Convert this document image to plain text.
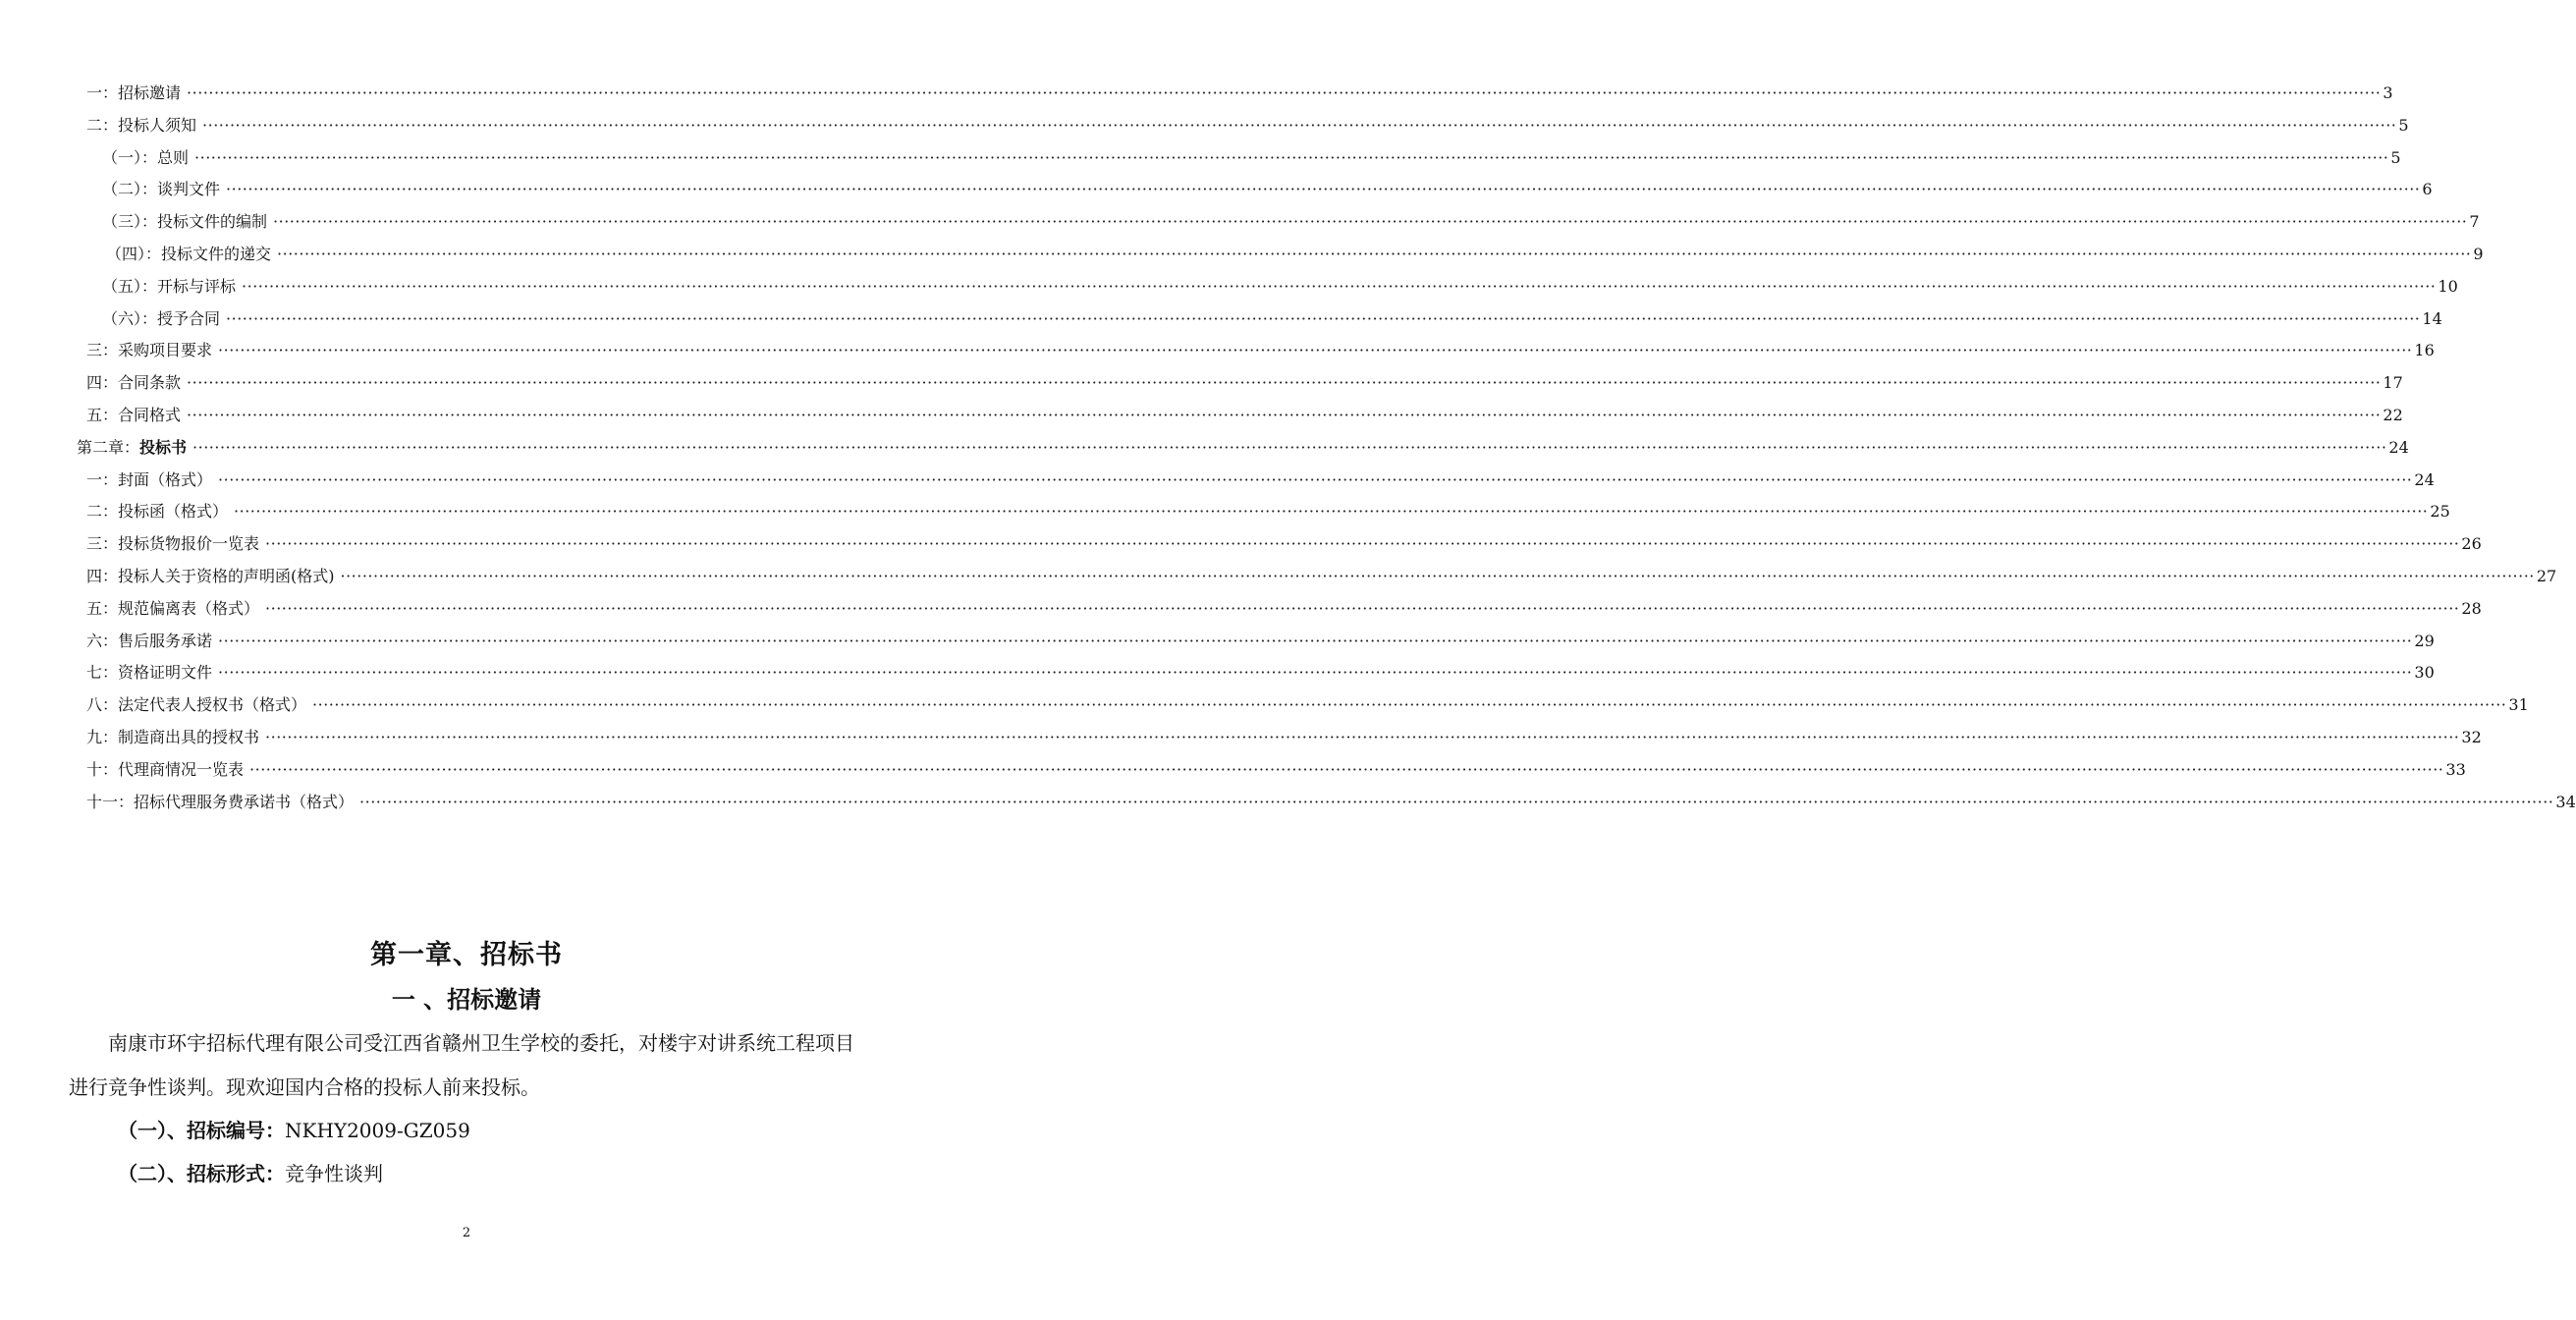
一：招标邀请 ················································································································································································································································································································································································································ 3
二：投标人须知 ················································································································································································································································································································································································································ 5
（一）：总则 ················································································································································································································································································································································································································ 5
（二）：谈判文件 ················································································································································································································································································································································································································ 6
（三）：投标文件的编制 ················································································································································································································································································································································································································ 7
（四）：投标文件的递交 ················································································································································································································································································································································································································ 9
（五）：开标与评标 ················································································································································································································································································································································································································ 10
（六）：授予合同 ················································································································································································································································································································································································································ 14
三：采购项目要求 ················································································································································································································································································································································································································ 16
四：合同条款 ················································································································································································································································································································································································································ 17
五：合同格式 ················································································································································································································································································································································································································ 22
第二章：投标书 ················································································································································································································································································································································································································ 24
一：封面（格式） ················································································································································································································································································································································································································ 24
二：投标函（格式） ················································································································································································································································································································································································································ 25
三：投标货物报价一览表 ················································································································································································································································································································································································································ 26
四：投标人关于资格的声明函(格式) ················································································································································································································································································································································································································ 27
五：规范偏离表（格式） ················································································································································································································································································································································································································ 28
六：售后服务承诺 ················································································································································································································································································································································································································ 29
七：资格证明文件 ················································································································································································································································································································································································································ 30
八：法定代表人授权书（格式） ················································································································································································································································································································································································································ 31
九：制造商出具的授权书 ················································································································································································································································································································································································································ 32
十：代理商情况一览表 ················································································································································································································································································································································································································ 33
十一：招标代理服务费承诺书（格式） ················································································································································································································································································································································································································ 34
第一章、招标书
一 、招标邀请
南康市环宇招标代理有限公司受江西省赣州卫生学校的委托，对楼宇对讲系统工程项目进行竞争性谈判。现欢迎国内合格的投标人前来投标。
（一）、招标编号：NKHY2009-GZ059
（二）、招标形式：竞争性谈判
2
